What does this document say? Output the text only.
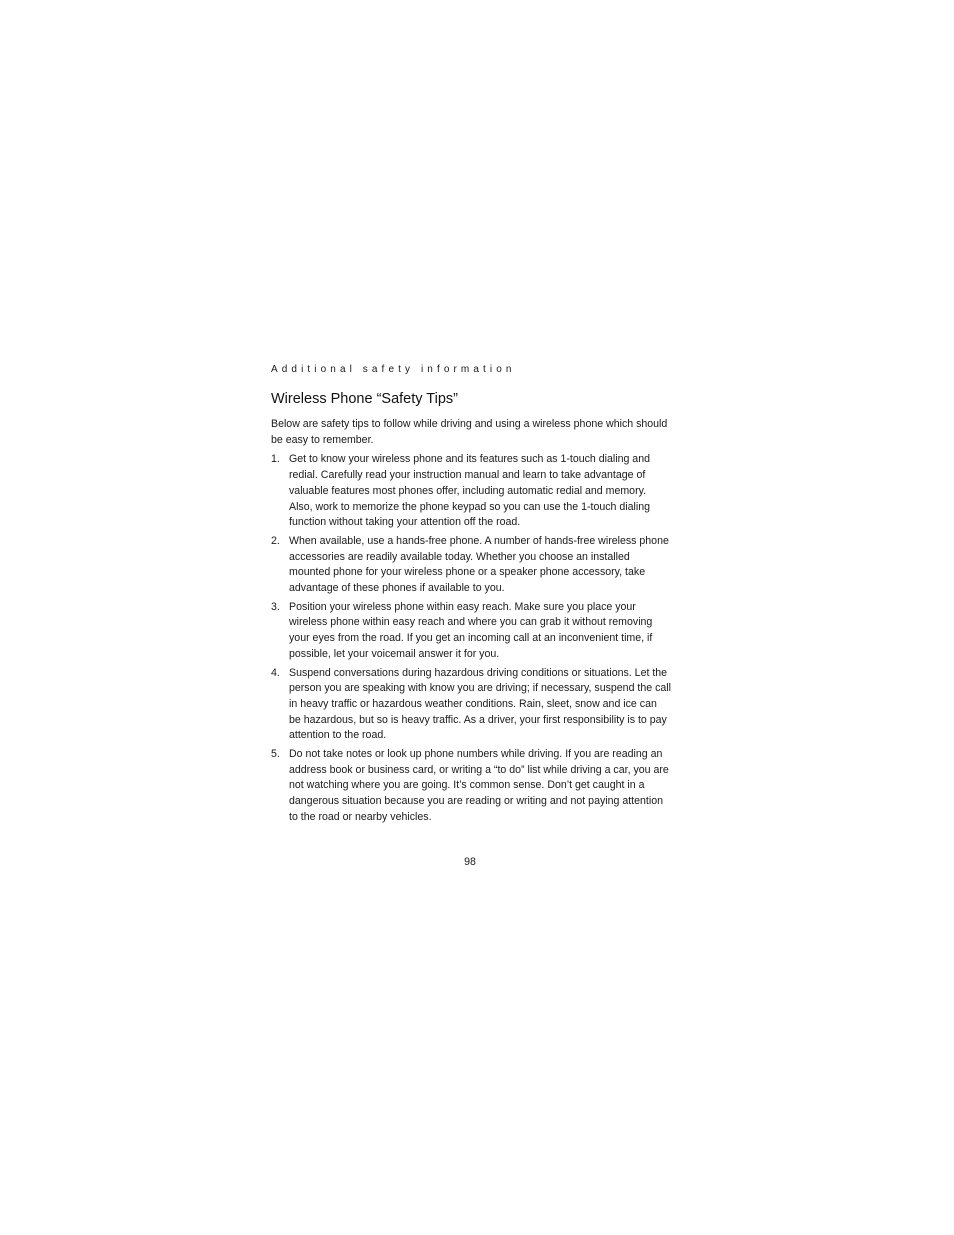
Additional safety information
Wireless Phone “Safety Tips”

Below are safety tips to follow while driving and using a wireless phone which should be easy to remember.

1. Get to know your wireless phone and its features such as 1-touch dialing and redial. Carefully read your instruction manual and learn to take advantage of valuable features most phones offer, including automatic redial and memory. Also, work to memorize the phone keypad so you can use the 1-touch dialing function without taking your attention off the road.
2. When available, use a hands-free phone. A number of hands-free wireless phone accessories are readily available today. Whether you choose an installed mounted phone for your wireless phone or a speaker phone accessory, take advantage of these phones if available to you.
3. Position your wireless phone within easy reach. Make sure you place your wireless phone within easy reach and where you can grab it without removing your eyes from the road. If you get an incoming call at an inconvenient time, if possible, let your voicemail answer it for you.
4. Suspend conversations during hazardous driving conditions or situations. Let the person you are speaking with know you are driving; if necessary, suspend the call in heavy traffic or hazardous weather conditions. Rain, sleet, snow and ice can be hazardous, but so is heavy traffic. As a driver, your first responsibility is to pay attention to the road.
5. Do not take notes or look up phone numbers while driving. If you are reading an address book or business card, or writing a “to do” list while driving a car, you are not watching where you are going. It’s common sense. Don’t get caught in a dangerous situation because you are reading or writing and not paying attention to the road or nearby vehicles.
98
